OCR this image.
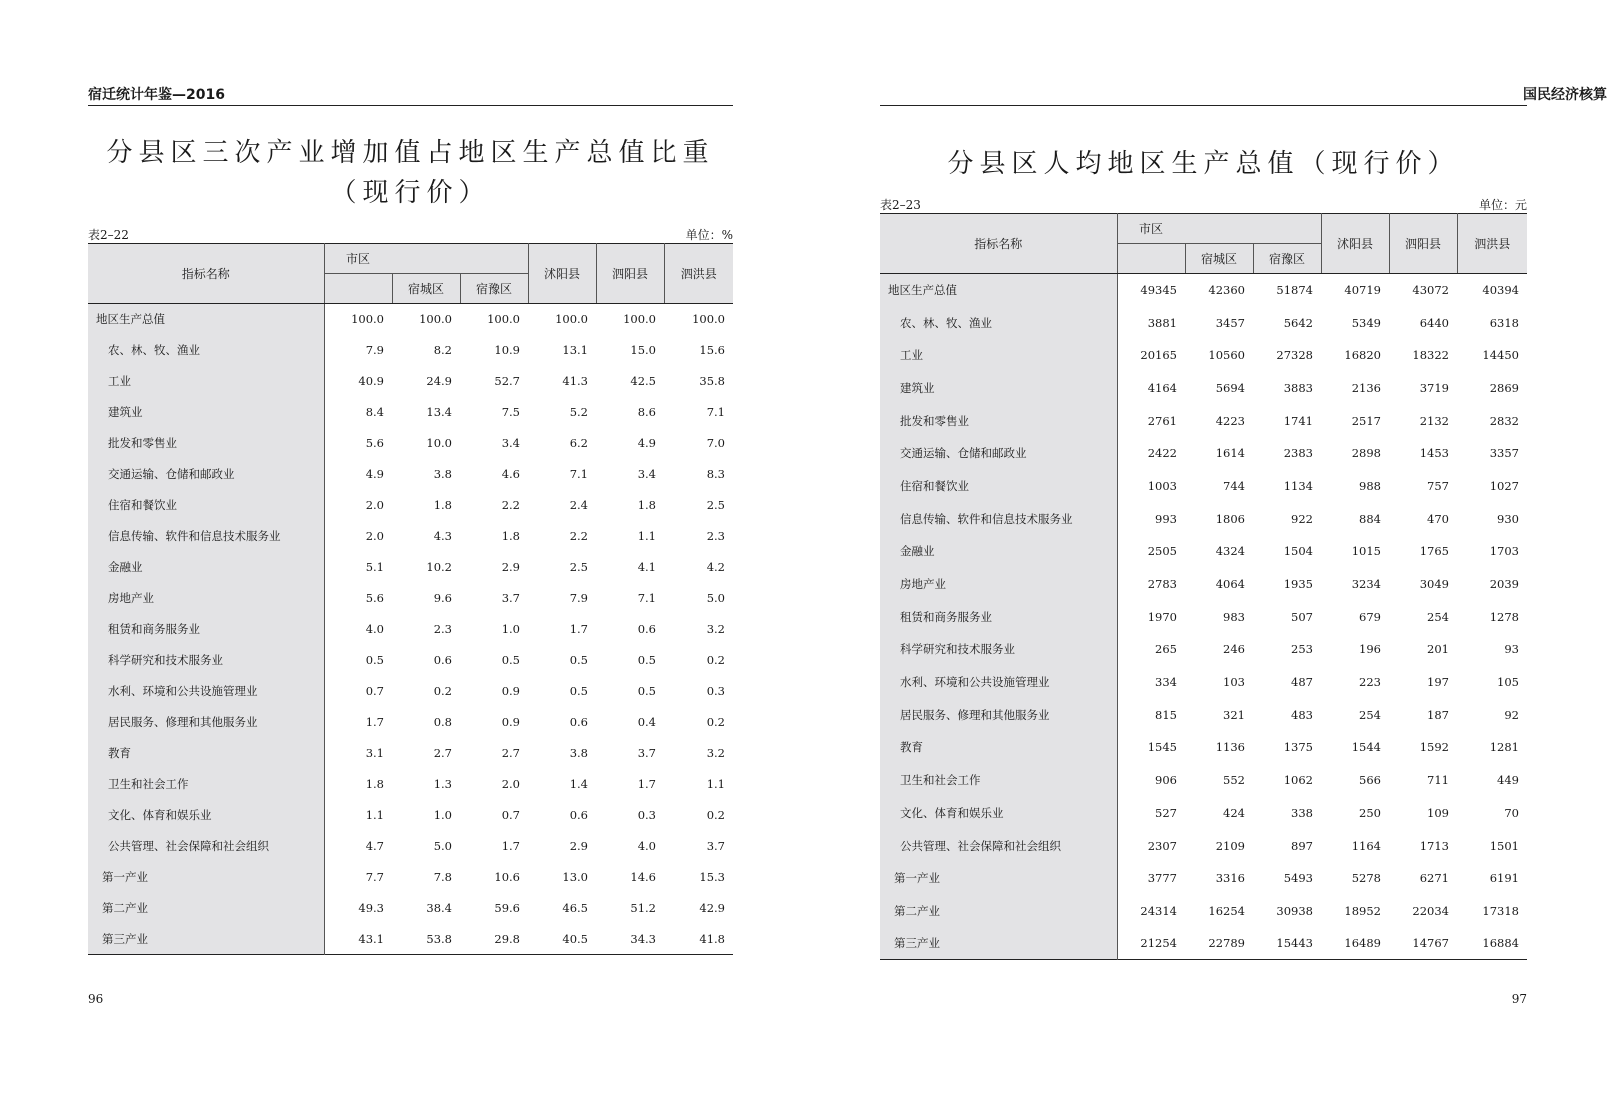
宿迁统计年鉴—2016
分县区三次产业增加值占地区生产总值比重
（现行价）
表2–22	单位：%
指标名称	市区			沭阳县	泗阳县	泗洪县
		宿城区	宿豫区			
地区生产总值	100.0	100.0	100.0	100.0	100.0	100.0
农、林、牧、渔业	7.9	8.2	10.9	13.1	15.0	15.6
工业	40.9	24.9	52.7	41.3	42.5	35.8
建筑业	8.4	13.4	7.5	5.2	8.6	7.1
批发和零售业	5.6	10.0	3.4	6.2	4.9	7.0
交通运输、仓储和邮政业	4.9	3.8	4.6	7.1	3.4	8.3
住宿和餐饮业	2.0	1.8	2.2	2.4	1.8	2.5
信息传输、软件和信息技术服务业	2.0	4.3	1.8	2.2	1.1	2.3
金融业	5.1	10.2	2.9	2.5	4.1	4.2
房地产业	5.6	9.6	3.7	7.9	7.1	5.0
租赁和商务服务业	4.0	2.3	1.0	1.7	0.6	3.2
科学研究和技术服务业	0.5	0.6	0.5	0.5	0.5	0.2
水利、环境和公共设施管理业	0.7	0.2	0.9	0.5	0.5	0.3
居民服务、修理和其他服务业	1.7	0.8	0.9	0.6	0.4	0.2
教育	3.1	2.7	2.7	3.8	3.7	3.2
卫生和社会工作	1.8	1.3	2.0	1.4	1.7	1.1
文化、体育和娱乐业	1.1	1.0	0.7	0.6	0.3	0.2
公共管理、社会保障和社会组织	4.7	5.0	1.7	2.9	4.0	3.7
第一产业	7.7	7.8	10.6	13.0	14.6	15.3
第二产业	49.3	38.4	59.6	46.5	51.2	42.9
第三产业	43.1	53.8	29.8	40.5	34.3	41.8
96
国民经济核算
分县区人均地区生产总值（现行价）
表2–23	单位：元
指标名称	市区			沭阳县	泗阳县	泗洪县
		宿城区	宿豫区			
地区生产总值	49345	42360	51874	40719	43072	40394
农、林、牧、渔业	3881	3457	5642	5349	6440	6318
工业	20165	10560	27328	16820	18322	14450
建筑业	4164	5694	3883	2136	3719	2869
批发和零售业	2761	4223	1741	2517	2132	2832
交通运输、仓储和邮政业	2422	1614	2383	2898	1453	3357
住宿和餐饮业	1003	744	1134	988	757	1027
信息传输、软件和信息技术服务业	993	1806	922	884	470	930
金融业	2505	4324	1504	1015	1765	1703
房地产业	2783	4064	1935	3234	3049	2039
租赁和商务服务业	1970	983	507	679	254	1278
科学研究和技术服务业	265	246	253	196	201	93
水利、环境和公共设施管理业	334	103	487	223	197	105
居民服务、修理和其他服务业	815	321	483	254	187	92
教育	1545	1136	1375	1544	1592	1281
卫生和社会工作	906	552	1062	566	711	449
文化、体育和娱乐业	527	424	338	250	109	70
公共管理、社会保障和社会组织	2307	2109	897	1164	1713	1501
第一产业	3777	3316	5493	5278	6271	6191
第二产业	24314	16254	30938	18952	22034	17318
第三产业	21254	22789	15443	16489	14767	16884
97
